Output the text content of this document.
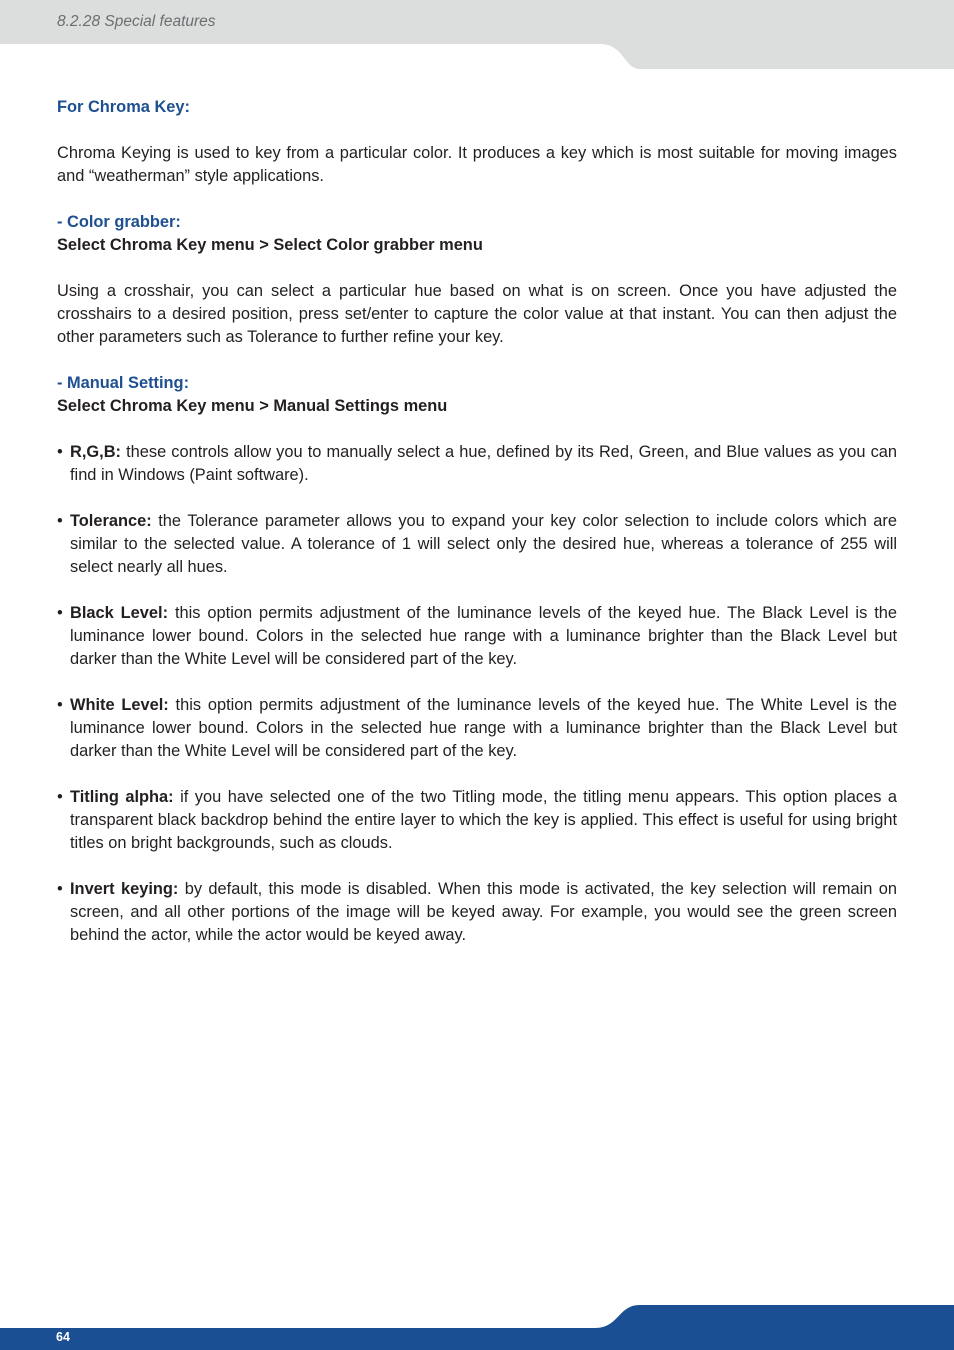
8.2.28 Special features

For Chroma Key:

Chroma Keying is used to key from a particular color. It produces a key which is most suitable for moving images and “weatherman” style applications.

- Color grabber:

Select Chroma Key menu > Select Color grabber menu

Using a crosshair, you can select a particular hue based on what is on screen. Once you have adjusted the crosshairs to a desired position, press set/enter to capture the color value at that instant. You can then adjust the other parameters such as Tolerance to further refine your key.

- Manual Setting:

Select Chroma Key menu > Manual Settings menu

• R,G,B: these controls allow you to manually select a hue, defined by its Red, Green, and Blue values as you can find in Windows (Paint software).
• Tolerance: the Tolerance parameter allows you to expand your key color selection to include colors which are similar to the selected value. A tolerance of 1 will select only the desired hue, whereas a tolerance of 255 will select nearly all hues.
• Black Level: this option permits adjustment of the luminance levels of the keyed hue. The Black Level is the luminance lower bound. Colors in the selected hue range with a luminance brighter than the Black Level but darker than the White Level will be considered part of the key.
• White Level: this option permits adjustment of the luminance levels of the keyed hue. The White Level is the luminance lower bound. Colors in the selected hue range with a luminance brighter than the Black Level but darker than the White Level will be considered part of the key.
• Titling alpha: if you have selected one of the two Titling mode, the titling menu appears. This option places a transparent black backdrop behind the entire layer to which the key is applied. This effect is useful for using bright titles on bright backgrounds, such as clouds.
• Invert keying: by default, this mode is disabled. When this mode is activated, the key selection will remain on screen, and all other portions of the image will be keyed away. For example, you would see the green screen behind the actor, while the actor would be keyed away.
64
